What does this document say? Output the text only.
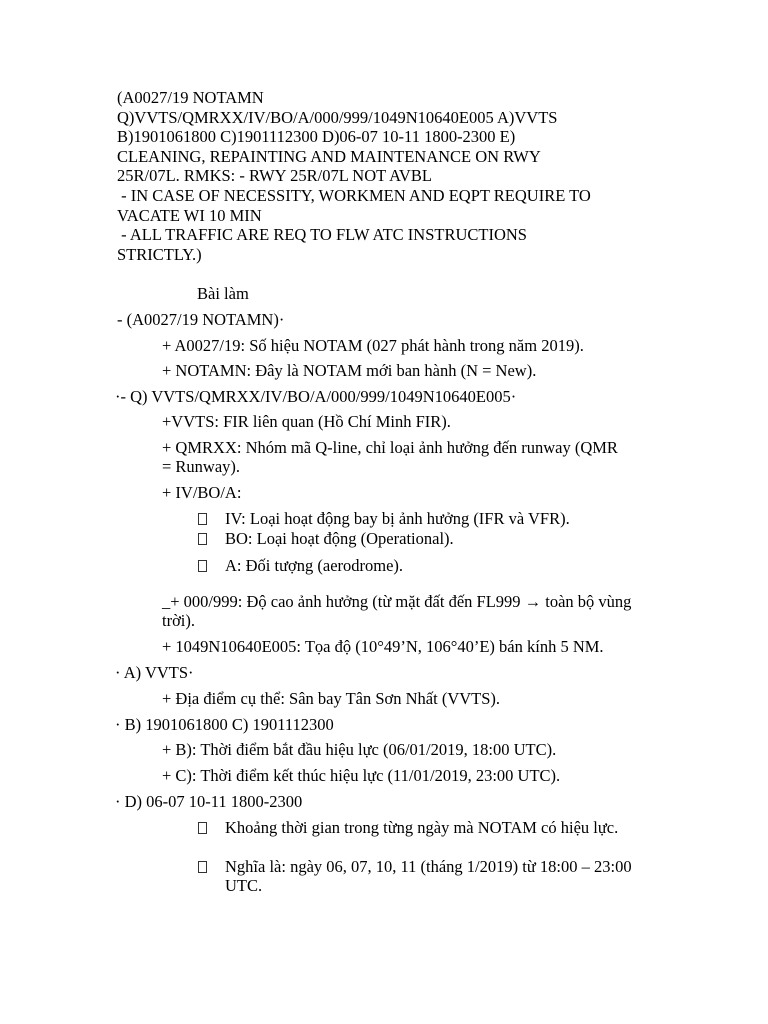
(A0027/19 NOTAMN
Q)VVTS/QMRXX/IV/BO/A/000/999/1049N10640E005 A)VVTS
B)1901061800 C)1901112300 D)06-07 10-11 1800-2300 E)
CLEANING, REPAINTING AND MAINTENANCE ON RWY
25R/07L. RMKS: - RWY 25R/07L NOT AVBL
- IN CASE OF NECESSITY, WORKMEN AND EQPT REQUIRE TO
VACATE WI 10 MIN
- ALL TRAFFIC ARE REQ TO FLW ATC INSTRUCTIONS
STRICTLY.)
Bài làm
- (A0027/19 NOTAMN)·
+ A0027/19: Số hiệu NOTAM (027 phát hành trong năm 2019).
+ NOTAMN: Đây là NOTAM mới ban hành (N = New).
·- Q) VVTS/QMRXX/IV/BO/A/000/999/1049N10640E005·
+VVTS: FIR liên quan (Hồ Chí Minh FIR).
+ QMRXX: Nhóm mã Q-line, chỉ loại ảnh hưởng đến runway (QMR = Runway).
+ IV/BO/A:
IV: Loại hoạt động bay bị ảnh hưởng (IFR và VFR).
BO: Loại hoạt động (Operational).
A: Đối tượng (aerodrome).
_+ 000/999: Độ cao ảnh hưởng (từ mặt đất đến FL999 → toàn bộ vùng trời).
+ 1049N10640E005: Tọa độ (10°49’N, 106°40’E) bán kính 5 NM.
· A) VVTS·
+ Địa điểm cụ thể: Sân bay Tân Sơn Nhất (VVTS).
· B) 1901061800 C) 1901112300
+ B): Thời điểm bắt đầu hiệu lực (06/01/2019, 18:00 UTC).
+ C): Thời điểm kết thúc hiệu lực (11/01/2019, 23:00 UTC).
· D) 06-07 10-11 1800-2300
Khoảng thời gian trong từng ngày mà NOTAM có hiệu lực.
Nghĩa là: ngày 06, 07, 10, 11 (tháng 1/2019) từ 18:00 – 23:00 UTC.
